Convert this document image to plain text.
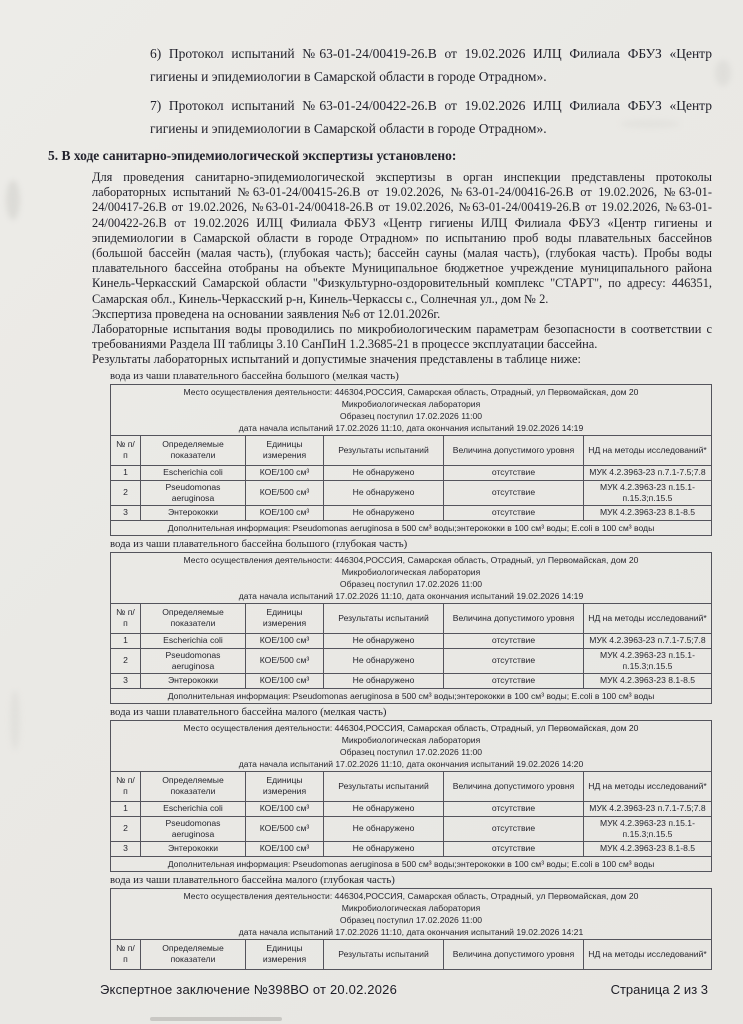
6) Протокол испытаний №63-01-24/00419-26.В от 19.02.2026 ИЛЦ Филиала ФБУЗ «Центр гигиены и эпидемиологии в Самарской области в городе Отрадном».
7) Протокол испытаний №63-01-24/00422-26.В от 19.02.2026 ИЛЦ Филиала ФБУЗ «Центр гигиены и эпидемиологии в Самарской области в городе Отрадном».
5. В ходе санитарно-эпидемиологической экспертизы установлено:

Для проведения санитарно-эпидемиологической экспертизы в орган инспекции представлены протоколы лабораторных испытаний №63-01-24/00415-26.В от 19.02.2026, №63-01-24/00416-26.В от 19.02.2026, №63-01-24/00417-26.В от 19.02.2026, №63-01-24/00418-26.В от 19.02.2026, №63-01-24/00419-26.В от 19.02.2026, №63-01-24/00422-26.В от 19.02.2026 ИЛЦ Филиала ФБУЗ «Центр гигиены ИЛЦ Филиала ФБУЗ «Центр гигиены и эпидемиологии в Самарской области в городе Отрадном» по испытанию проб воды плавательных бассейнов (большой бассейн (малая часть), (глубокая часть); бассейн сауны (малая часть), (глубокая часть). Пробы воды плавательного бассейна отобраны на объекте Муниципальное бюджетное учреждение муниципального района Кинель-Черкасский Самарской области "Физкультурно-оздоровительный комплекс "СТАРТ", по адресу: 446351, Самарская обл., Кинель-Черкасский р-н, Кинель-Черкассы с., Солнечная ул., дом № 2.

Экспертиза проведена на основании заявления №6 от 12.01.2026г.

Лабораторные испытания воды проводились по микробиологическим параметрам безопасности в соответствии с требованиями Раздела III таблицы 3.10 СанПиН 1.2.3685-21 в процессе эксплуатации бассейна.

Результаты лабораторных испытаний и допустимые значения представлены в таблице ниже:

вода из чаши плавательного бассейна большого (мелкая часть)
Место осуществления деятельности: 446304,РОССИЯ, Самарская область, Отрадный, ул Первомайская, дом 20
Микробиологическая лаборатория
Образец поступил 17.02.2026 11:00
дата начала испытаний 17.02.2026 11:10, дата окончания испытаний 19.02.2026 14:19					

№ п/п	Определяемые показатели	Единицы измерения	Результаты испытаний	Величина допустимого уровня	НД на методы исследований*
1	Escherichia coli	КОЕ/100 см³	Не обнаружено	отсутствие	МУК 4.2.3963-23 п.7.1-7.5;7.8
2	Pseudomonas aeruginosa	КОЕ/500 см³	Не обнаружено	отсутствие	МУК 4.2.3963-23 п.15.1-п.15.3;п.15.5
3	Энтерококки	КОЕ/100 см³	Не обнаружено	отсутствие	МУК 4.2.3963-23 8.1-8.5
Дополнительная информация: Pseudomonas aeruginosa в 500 см³ воды;энтерококки в 100 см³ воды; E.coli в 100 см³ воды					
вода из чаши плавательного бассейна большого (глубокая часть)
Место осуществления деятельности: 446304,РОССИЯ, Самарская область, Отрадный, ул Первомайская, дом 20
Микробиологическая лаборатория
Образец поступил 17.02.2026 11:00
дата начала испытаний 17.02.2026 11:10, дата окончания испытаний 19.02.2026 14:19					

№ п/п	Определяемые показатели	Единицы измерения	Результаты испытаний	Величина допустимого уровня	НД на методы исследований*
1	Escherichia coli	КОЕ/100 см³	Не обнаружено	отсутствие	МУК 4.2.3963-23 п.7.1-7.5;7.8
2	Pseudomonas aeruginosa	КОЕ/500 см³	Не обнаружено	отсутствие	МУК 4.2.3963-23 п.15.1-п.15.3;п.15.5
3	Энтерококки	КОЕ/100 см³	Не обнаружено	отсутствие	МУК 4.2.3963-23 8.1-8.5
Дополнительная информация: Pseudomonas aeruginosa в 500 см³ воды;энтерококки в 100 см³ воды; E.coli в 100 см³ воды					
вода из чаши плавательного бассейна малого (мелкая часть)
Место осуществления деятельности: 446304,РОССИЯ, Самарская область, Отрадный, ул Первомайская, дом 20
Микробиологическая лаборатория
Образец поступил 17.02.2026 11:00
дата начала испытаний 17.02.2026 11:10, дата окончания испытаний 19.02.2026 14:20					

№ п/п	Определяемые показатели	Единицы измерения	Результаты испытаний	Величина допустимого уровня	НД на методы исследований*
1	Escherichia coli	КОЕ/100 см³	Не обнаружено	отсутствие	МУК 4.2.3963-23 п.7.1-7.5;7.8
2	Pseudomonas aeruginosa	КОЕ/500 см³	Не обнаружено	отсутствие	МУК 4.2.3963-23 п.15.1-п.15.3;п.15.5
3	Энтерококки	КОЕ/100 см³	Не обнаружено	отсутствие	МУК 4.2.3963-23 8.1-8.5
Дополнительная информация: Pseudomonas aeruginosa в 500 см³ воды;энтерококки в 100 см³ воды; E.coli в 100 см³ воды					
вода из чаши плавательного бассейна малого (глубокая часть)
Место осуществления деятельности: 446304,РОССИЯ, Самарская область, Отрадный, ул Первомайская, дом 20
Микробиологическая лаборатория
Образец поступил 17.02.2026 11:00
дата начала испытаний 17.02.2026 11:10, дата окончания испытаний 19.02.2026 14:21

№ п/п	Определяемые показатели	Единицы измерения	Результаты испытаний	Величина допустимого уровня	НД на методы исследований*
Экспертное заключение №398ВО от 20.02.2026	Страница 2 из 3
